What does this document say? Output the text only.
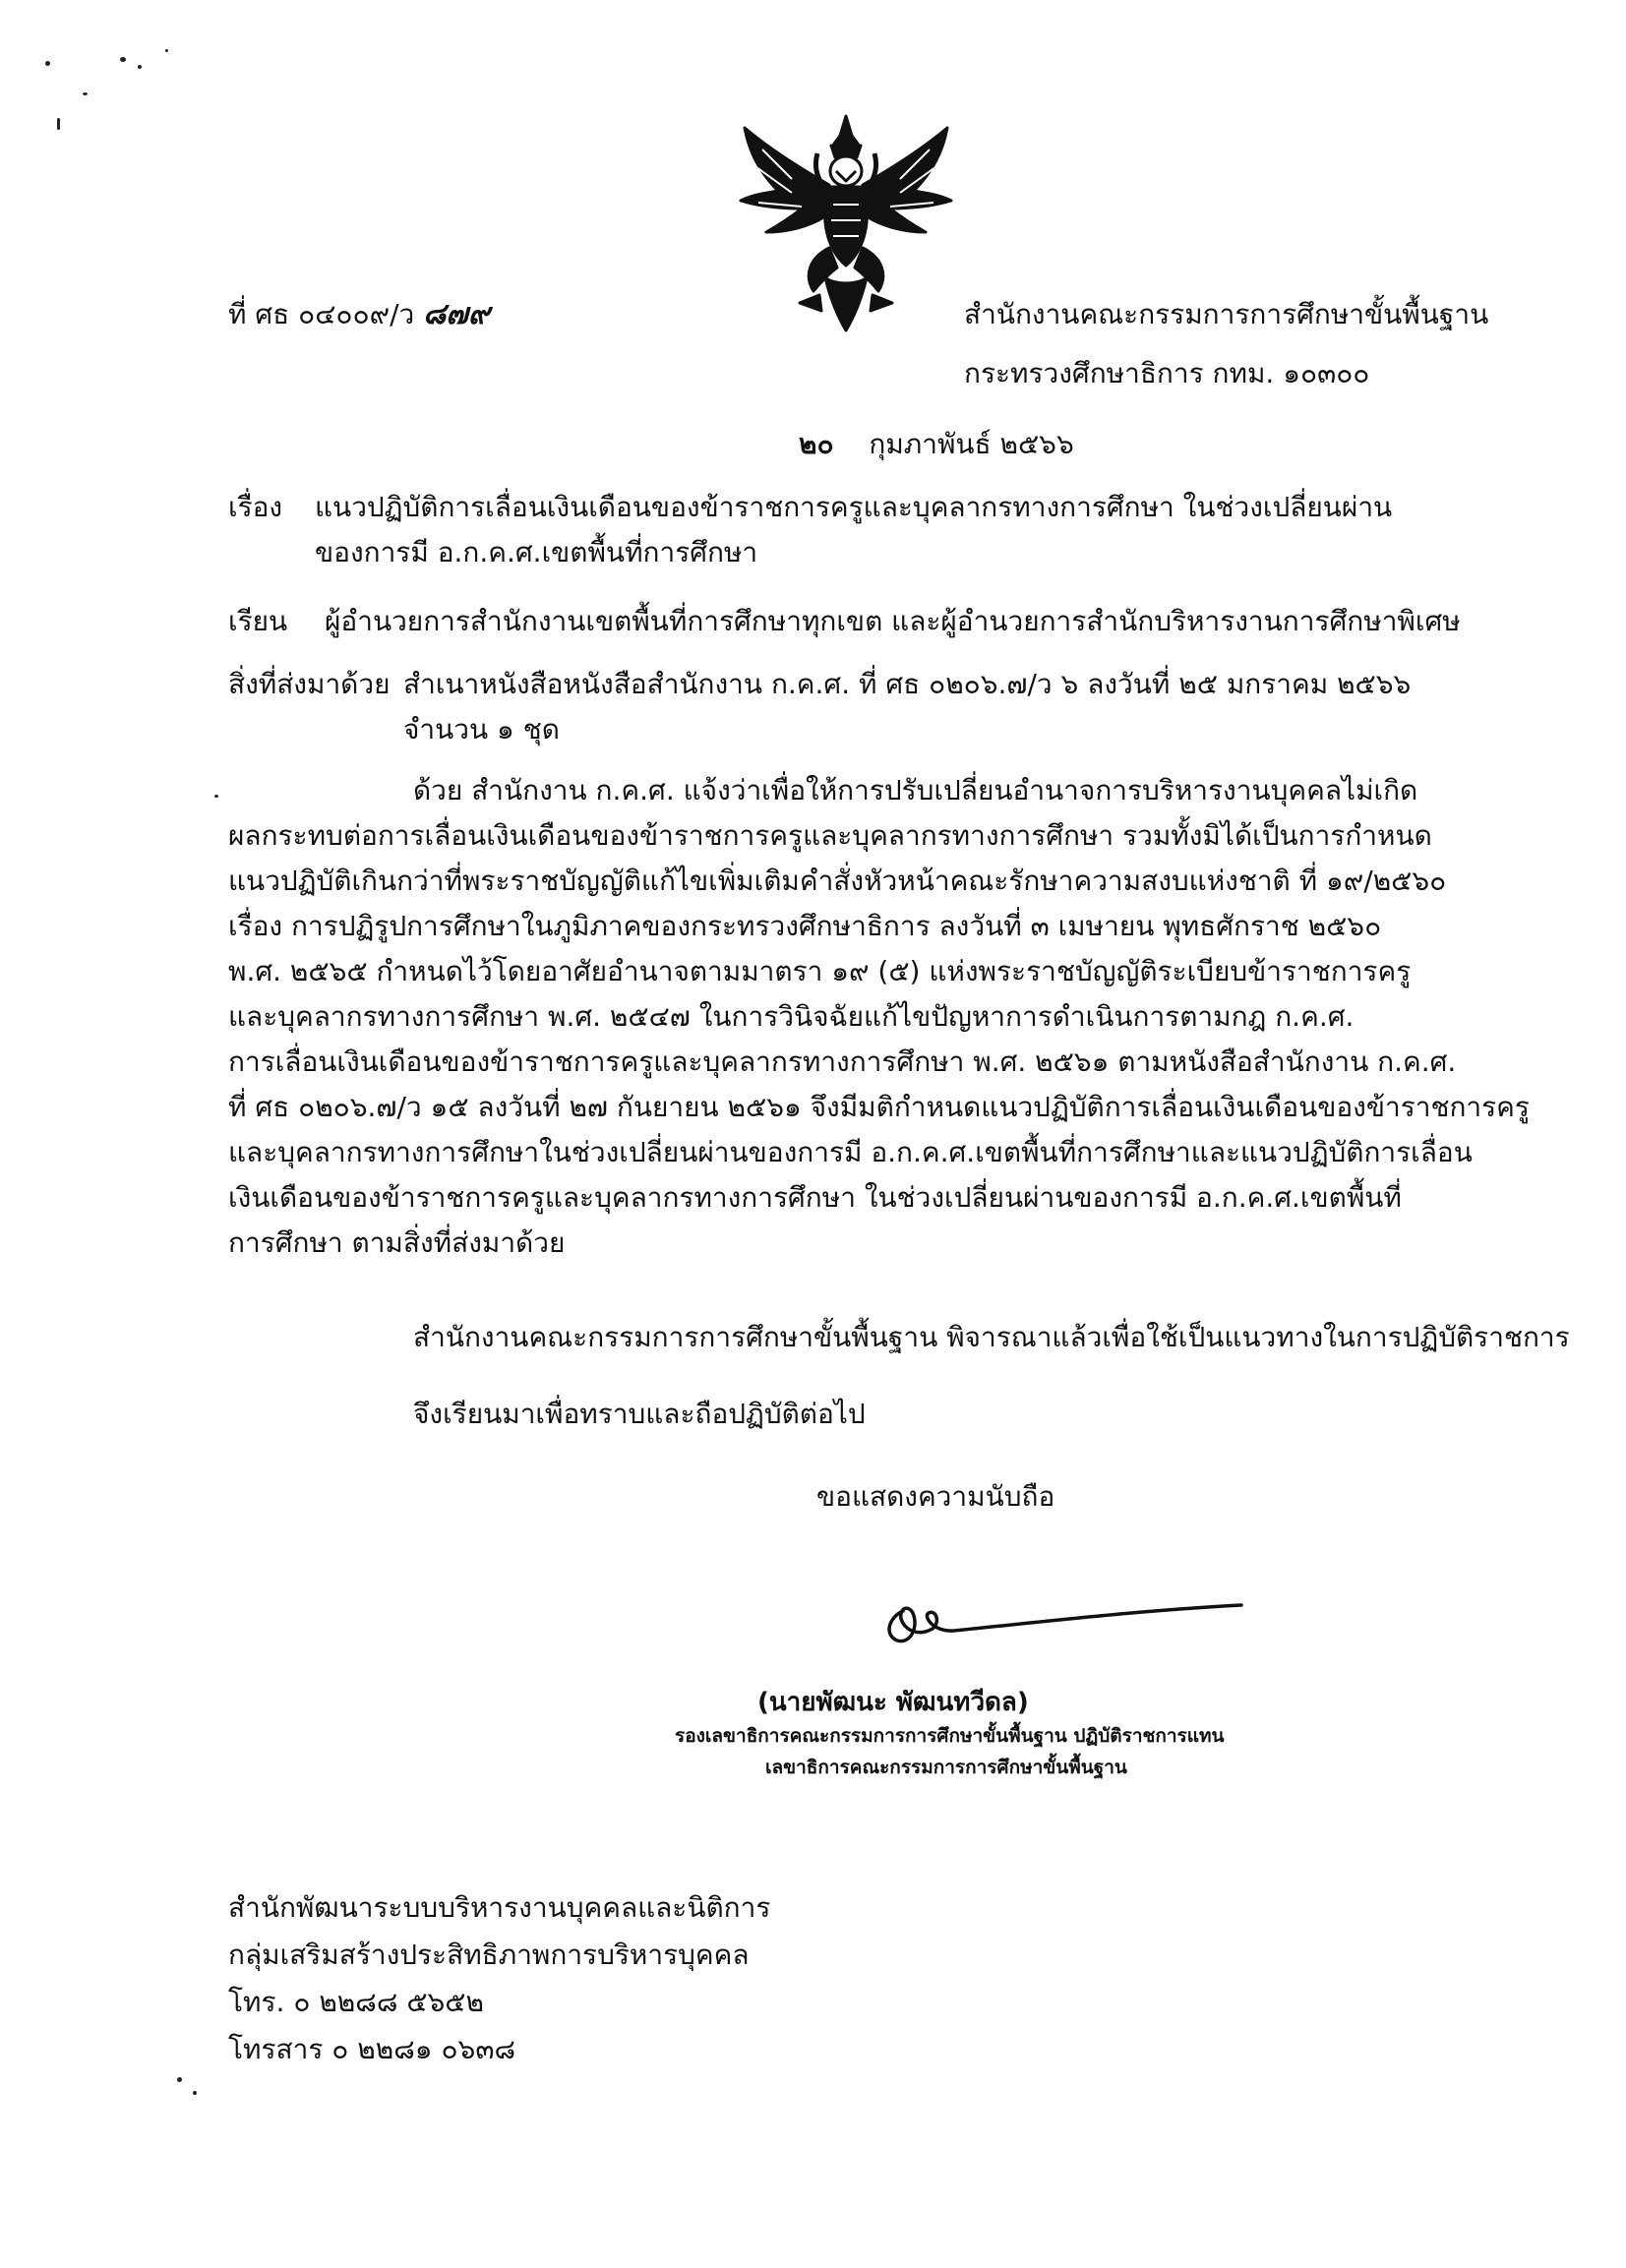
ที่ ศธ ๐๔๐๐๙/ว ๘๗๙	สำนักงานคณะกรรมการการศึกษาขั้นพื้นฐาน
กระทรวงศึกษาธิการ กทม. ๑๐๓๐๐
๒๐ กุมภาพันธ์ ๒๕๖๖
เรื่อง แนวปฏิบัติการเลื่อนเงินเดือนของข้าราชการครูและบุคลากรทางการศึกษา ในช่วงเปลี่ยนผ่าน
ของการมี อ.ก.ค.ศ.เขตพื้นที่การศึกษา
เรียน ผู้อำนวยการสำนักงานเขตพื้นที่การศึกษาทุกเขต และผู้อำนวยการสำนักบริหารงานการศึกษาพิเศษ
สิ่งที่ส่งมาด้วย สำเนาหนังสือหนังสือสำนักงาน ก.ค.ศ. ที่ ศธ ๐๒๐๖.๗/ว ๖ ลงวันที่ ๒๕ มกราคม ๒๕๖๖
จำนวน ๑ ชุด
ด้วย สำนักงาน ก.ค.ศ. แจ้งว่าเพื่อให้การปรับเปลี่ยนอำนาจการบริหารงานบุคคลไม่เกิด
ผลกระทบต่อการเลื่อนเงินเดือนของข้าราชการครูและบุคลากรทางการศึกษา รวมทั้งมิได้เป็นการกำหนด
แนวปฏิบัติเกินกว่าที่พระราชบัญญัติแก้ไขเพิ่มเติมคำสั่งหัวหน้าคณะรักษาความสงบแห่งชาติ ที่ ๑๙/๒๕๖๐
เรื่อง การปฏิรูปการศึกษาในภูมิภาคของกระทรวงศึกษาธิการ ลงวันที่ ๓ เมษายน พุทธศักราช ๒๕๖๐
พ.ศ. ๒๕๖๕ กำหนดไว้โดยอาศัยอำนาจตามมาตรา ๑๙ (๕) แห่งพระราชบัญญัติระเบียบข้าราชการครู
และบุคลากรทางการศึกษา พ.ศ. ๒๕๔๗ ในการวินิจฉัยแก้ไขปัญหาการดำเนินการตามกฎ ก.ค.ศ.
การเลื่อนเงินเดือนของข้าราชการครูและบุคลากรทางการศึกษา พ.ศ. ๒๕๖๑ ตามหนังสือสำนักงาน ก.ค.ศ.
ที่ ศธ ๐๒๐๖.๗/ว ๑๕ ลงวันที่ ๒๗ กันยายน ๒๕๖๑ จึงมีมติกำหนดแนวปฏิบัติการเลื่อนเงินเดือนของข้าราชการครู
และบุคลากรทางการศึกษาในช่วงเปลี่ยนผ่านของการมี อ.ก.ค.ศ.เขตพื้นที่การศึกษาและแนวปฏิบัติการเลื่อน
เงินเดือนของข้าราชการครูและบุคลากรทางการศึกษา ในช่วงเปลี่ยนผ่านของการมี อ.ก.ค.ศ.เขตพื้นที่
การศึกษา ตามสิ่งที่ส่งมาด้วย
สำนักงานคณะกรรมการการศึกษาขั้นพื้นฐาน พิจารณาแล้วเพื่อใช้เป็นแนวทางในการปฏิบัติราชการ
จึงเรียนมาเพื่อทราบและถือปฏิบัติต่อไป
ขอแสดงความนับถือ
(นายพัฒนะ พัฒนทวีดล)
รองเลขาธิการคณะกรรมการการศึกษาขั้นพื้นฐาน ปฏิบัติราชการแทน
เลขาธิการคณะกรรมการการศึกษาขั้นพื้นฐาน
สำนักพัฒนาระบบบริหารงานบุคคลและนิติการ
กลุ่มเสริมสร้างประสิทธิภาพการบริหารบุคคล
โทร. ๐ ๒๒๘๘ ๕๖๕๒
โทรสาร ๐ ๒๒๘๑ ๐๖๓๘
